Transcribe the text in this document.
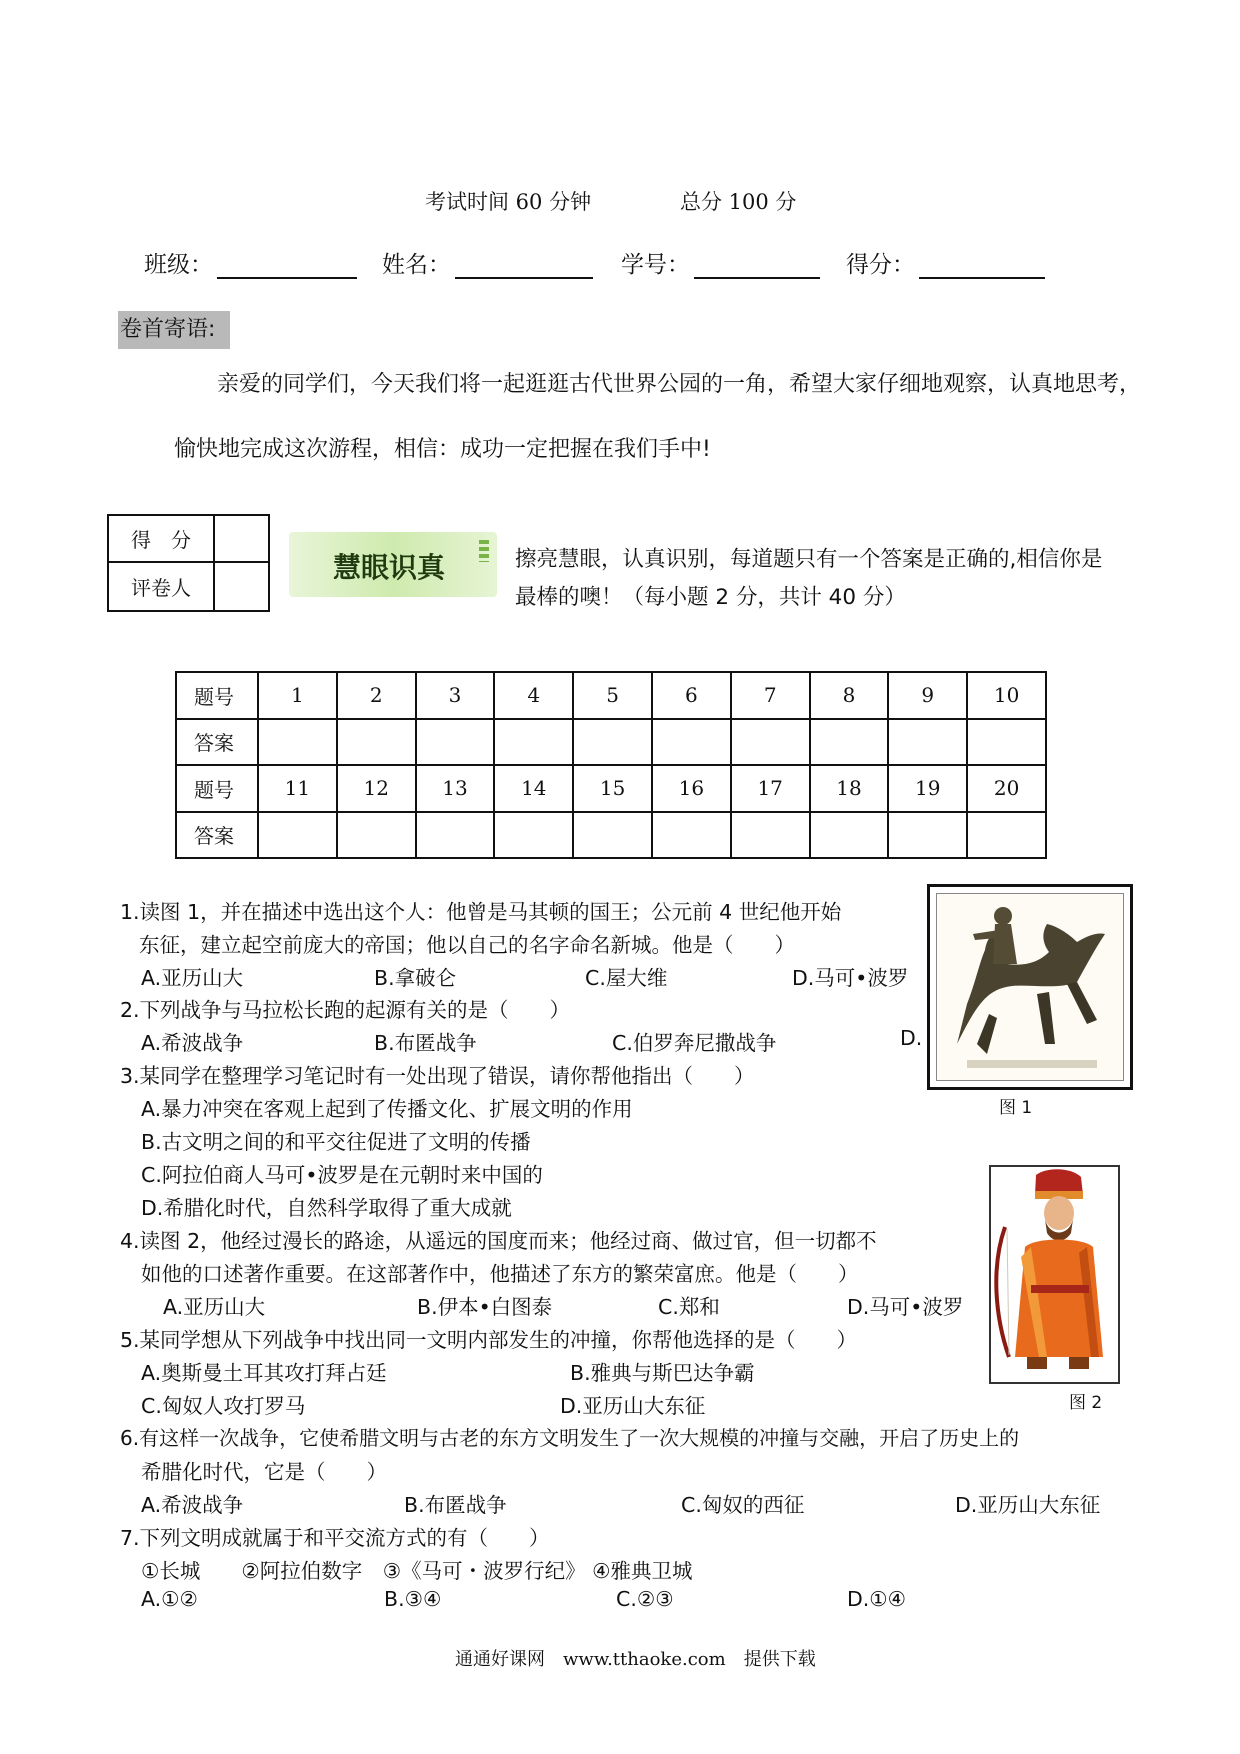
考试时间 60 分钟	总分 100 分
班级：	姓名：	学号：	得分：
卷首寄语:
亲爱的同学们，今天我们将一起逛逛古代世界公园的一角，希望大家仔细地观察，认真地思考，
愉快地完成这次游程，相信：成功一定把握在我们手中!
得　分	
评卷人	
慧眼识真	擦亮慧眼，认真识别，每道题只有一个答案是正确的,相信你是
最棒的噢！（每小题 2 分，共计 40 分）
题号	1	2	3	4	5	6	7	8	9	10
答案										
题号	11	12	13	14	15	16	17	18	19	20
答案										
1.读图 1，并在描述中选出这个人：他曾是马其顿的国王；公元前 4 世纪他开始
东征，建立起空前庞大的帝国；他以自己的名字命名新城。他是（　　）
A.亚历山大	B.拿破仑	C.屋大维	D.马可•波罗
2.下列战争与马拉松长跑的起源有关的是（　　）
A.希波战争	B.布匿战争	C.伯罗奔尼撒战争	D.
3.某同学在整理学习笔记时有一处出现了错误，请你帮他指出（　　）
A.暴力冲突在客观上起到了传播文化、扩展文明的作用
B.古文明之间的和平交往促进了文明的传播
C.阿拉伯商人马可•波罗是在元朝时来中国的
D.希腊化时代，自然科学取得了重大成就
4.读图 2，他经过漫长的路途，从遥远的国度而来；他经过商、做过官，但一切都不
如他的口述著作重要。在这部著作中，他描述了东方的繁荣富庶。他是（　　）
A.亚历山大	B.伊本•白图泰	C.郑和	D.马可•波罗
5.某同学想从下列战争中找出同一文明内部发生的冲撞，你帮他选择的是（　　）
A.奥斯曼土耳其攻打拜占廷	B.雅典与斯巴达争霸
C.匈奴人攻打罗马	D.亚历山大东征
6.有这样一次战争，它使希腊文明与古老的东方文明发生了一次大规模的冲撞与交融，开启了历史上的
希腊化时代，它是（　　）
A.希波战争	B.布匿战争	C.匈奴的西征	D.亚历山大东征
7.下列文明成就属于和平交流方式的有（　　）
①长城　　②阿拉伯数字　③《马可・波罗行纪》 ④雅典卫城
A.①②	B.③④	C.②③	D.①④
图 1
图 2
通通好课网　www.tthaoke.com　提供下载
